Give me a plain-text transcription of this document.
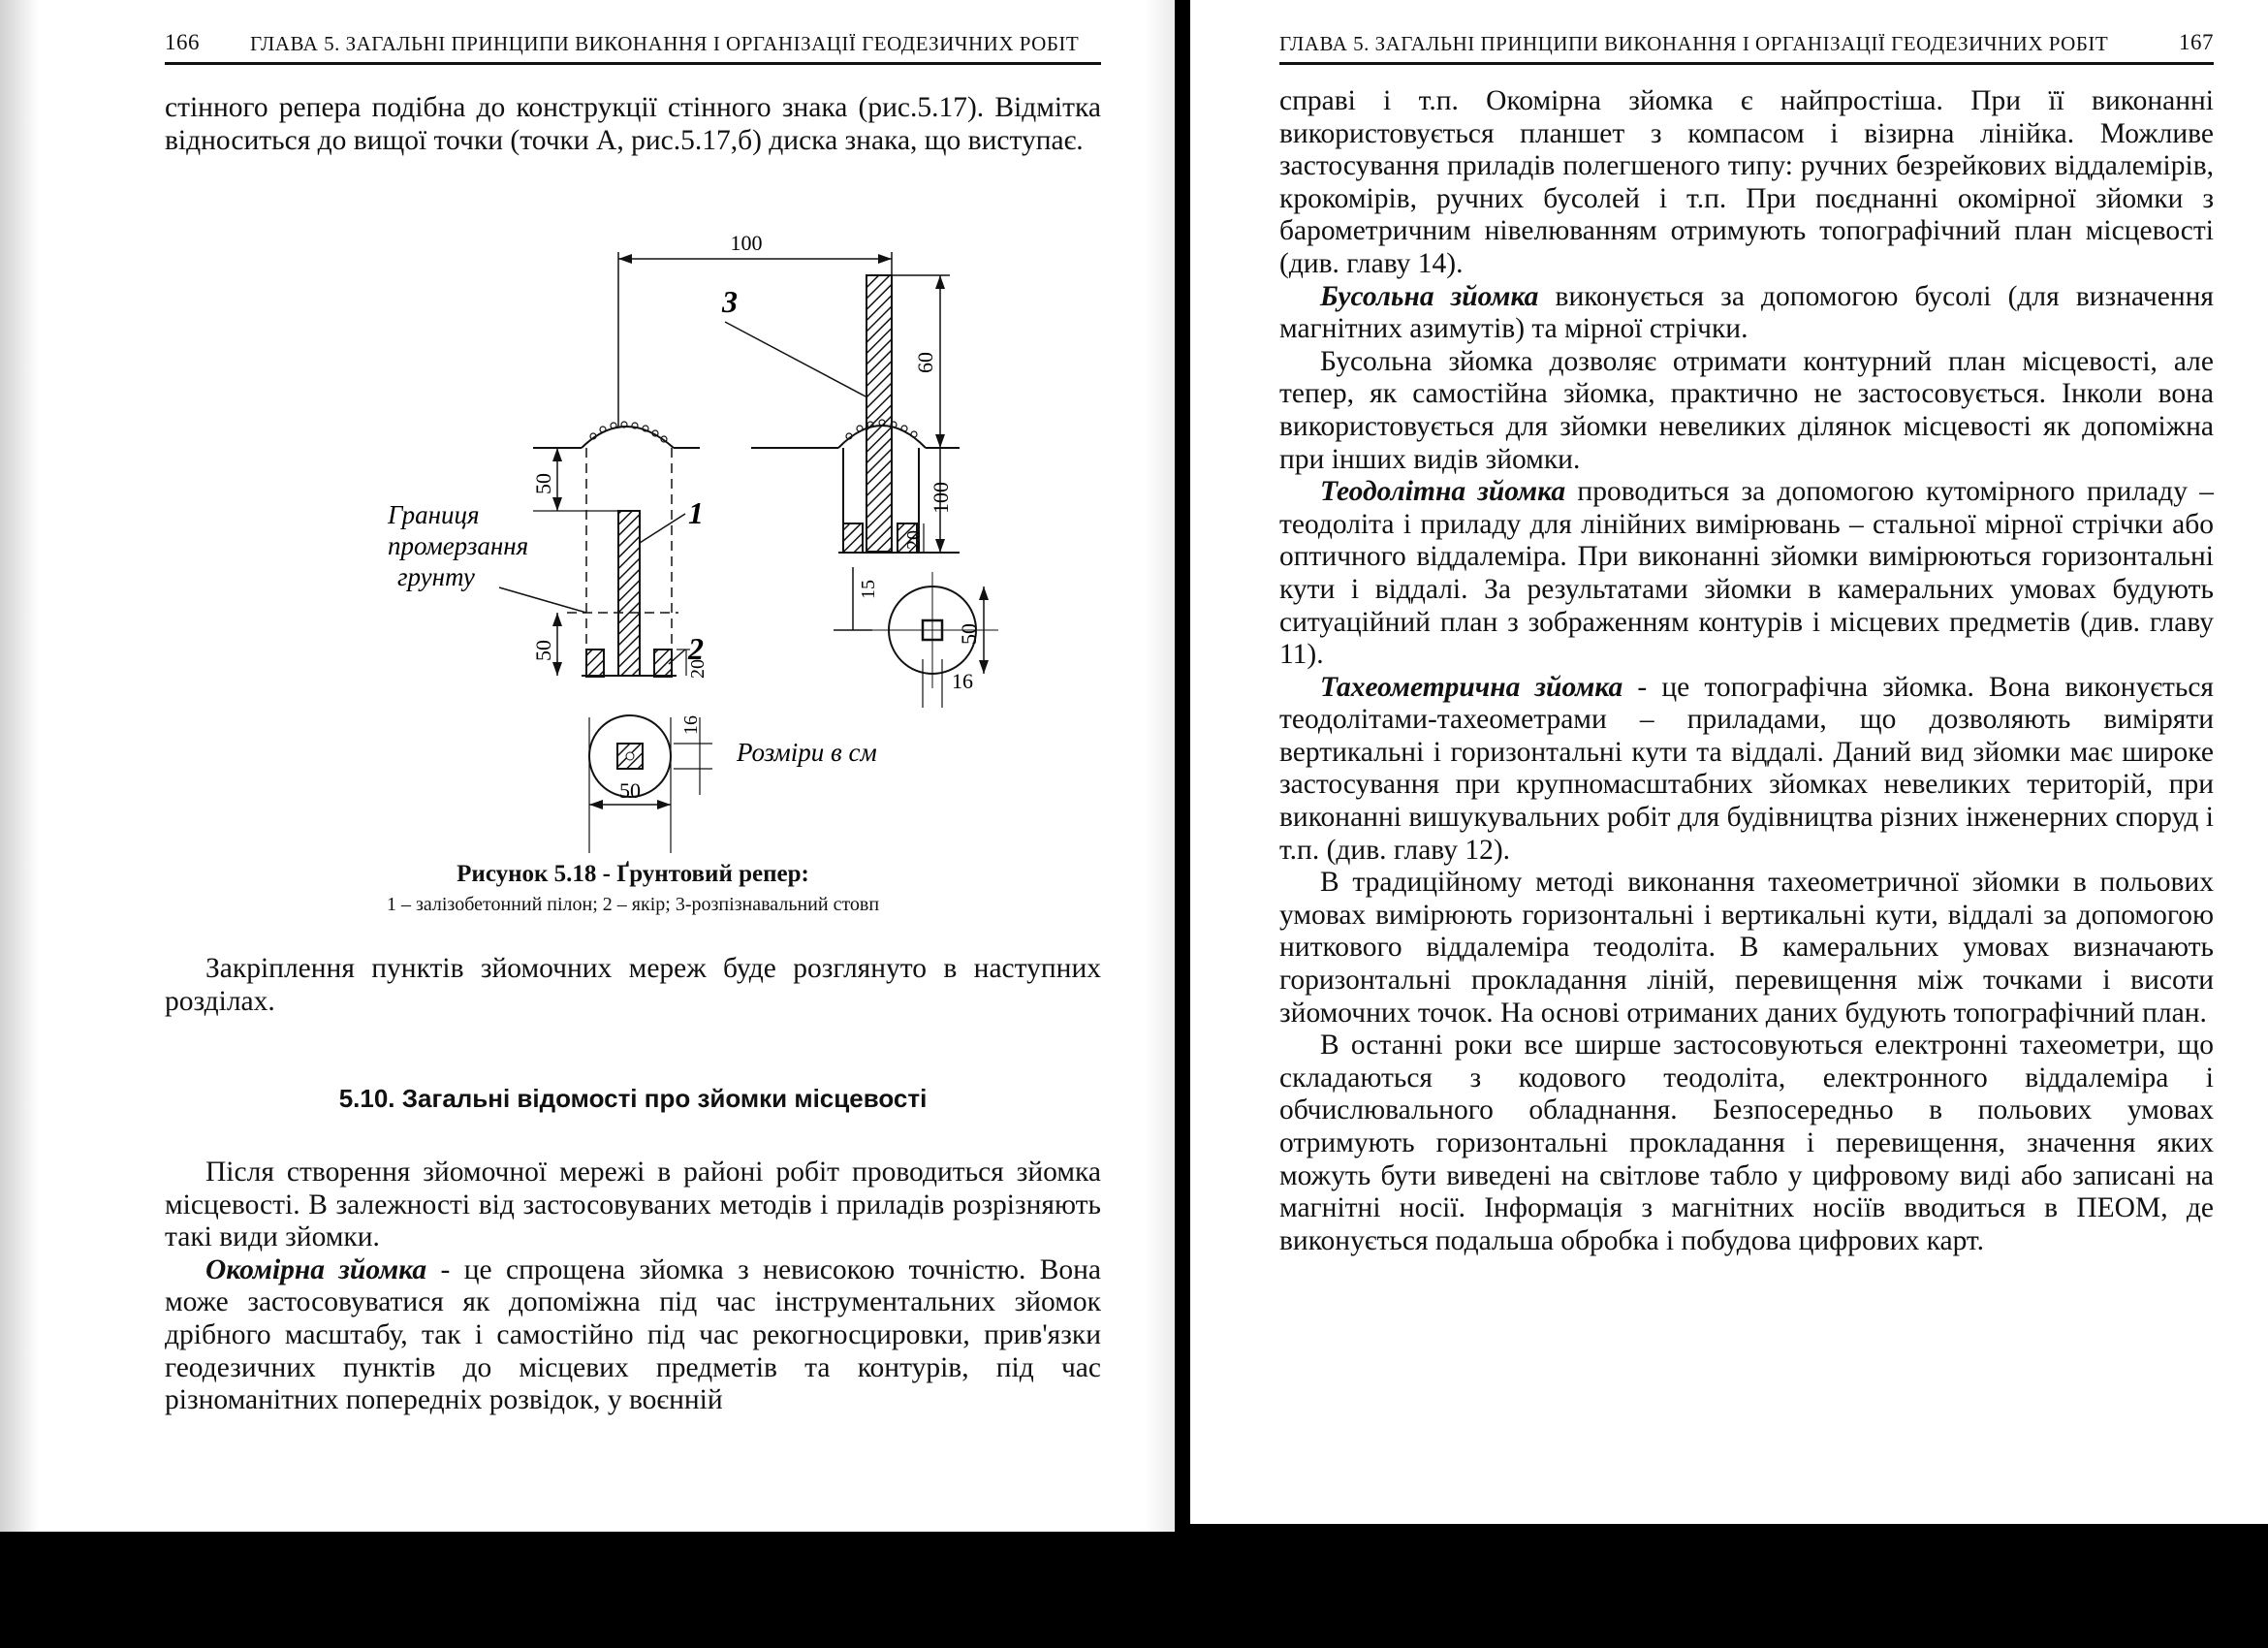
166 ГЛАВА 5. ЗАГАЛЬНІ ПРИНЦИПИ ВИКОНАННЯ І ОРГАНІЗАЦІЇ ГЕОДЕЗИЧНИХ РОБІТ

стінного репера подібна до конструкції стінного знака (рис.5.17). Відмітка відноситься до вищої точки (точки А, рис.5.17,б) диска знака, що виступає.

100
3
60
100
20
50
50
20
1
2
Границя
промерзання
грунту	15
50
16
50
16
Розміри в см
Рисунок 5.18 - Ґрунтовий репер:
1 – залізобетонний пілон; 2 – якір; 3-розпізнавальний стовп

Закріплення пунктів зйомочних мереж буде розглянуто в наступних розділах.

5.10. Загальні відомості про зйомки місцевості

Після створення зйомочної мережі в районі робіт проводиться зйомка місцевості. В залежності від застосовуваних методів і приладів розрізняють такі види зйомки.

Окомірна зйомка - це спрощена зйомка з невисокою точністю. Вона може застосовуватися як допоміжна під час інструментальних зйомок дрібного масштабу, так і самостійно під час рекогносцировки, прив'язки геодезичних пунктів до місцевих предметів та контурів, під час різноманітних попередніх розвідок, у воєнній

ГЛАВА 5. ЗАГАЛЬНІ ПРИНЦИПИ ВИКОНАННЯ І ОРГАНІЗАЦІЇ ГЕОДЕЗИЧНИХ РОБІТ	167

справі і т.п. Окомірна зйомка є найпростіша. При її виконанні використовується планшет з компасом і візирна лінійка. Можливе застосування приладів полегшеного типу: ручних безрейкових віддалемірів, крокомірів, ручних бусолей і т.п. При поєднанні окомірної зйомки з барометричним нівелюванням отримують топографічний план місцевості (див. главу 14).

Бусольна зйомка виконується за допомогою бусолі (для визначення магнітних азимутів) та мірної стрічки.

Бусольна зйомка дозволяє отримати контурний план місцевості, але тепер, як самостійна зйомка, практично не застосовується. Інколи вона використовується для зйомки невеликих ділянок місцевості як допоміжна при інших видів зйомки.

Теодолітна зйомка проводиться за допомогою кутомірного приладу – теодоліта і приладу для лінійних вимірювань – стальної мірної стрічки або оптичного віддалеміра. При виконанні зйомки вимірюються горизонтальні кути і віддалі. За результатами зйомки в камеральних умовах будують ситуаційний план з зображенням контурів і місцевих предметів (див. главу 11).

Тахеометрична зйомка - це топографічна зйомка. Вона виконується теодолітами-тахеометрами – приладами, що дозволяють виміряти вертикальні і горизонтальні кути та віддалі. Даний вид зйомки має широке застосування при крупномасштабних зйомках невеликих територій, при виконанні вишукувальних робіт для будівництва різних інженерних споруд і т.п. (див. главу 12).

В традиційному методі виконання тахеометричної зйомки в польових умовах вимірюють горизонтальні і вертикальні кути, віддалі за допомогою ниткового віддалеміра теодоліта. В камеральних умовах визначають горизонтальні прокладання ліній, перевищення між точками і висоти зйомочних точок. На основі отриманих даних будують топографічний план.

В останні роки все ширше застосовуються електронні тахеометри, що складаються з кодового теодоліта, електронного віддалеміра і обчислювального обладнання. Безпосередньо в польових умовах отримують горизонтальні прокладання і перевищення, значення яких можуть бути виведені на світлове табло у цифровому виді або записані на магнітні носії. Інформація з магнітних носіїв вводиться в ПЕОМ, де виконується подальша обробка і побудова цифрових карт.
